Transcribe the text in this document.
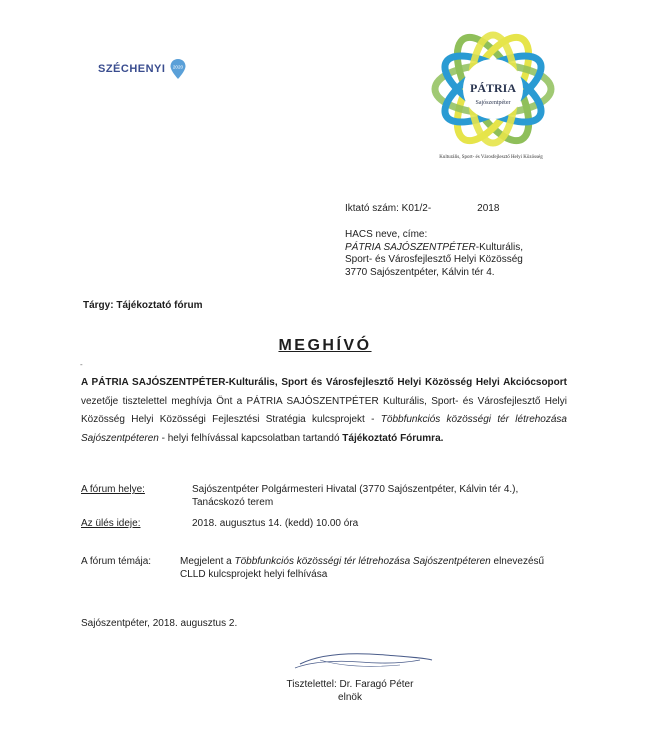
SZÉCHENYI 2020
PÁTRIA
Sajószentpéter
Kulturális, Sport- és Városfejlesztő Helyi Közösség
Iktató szám: K01/2-	2018
HACS neve, címe:
PÁTRIA SAJÓSZENTPÉTER-Kulturális,
Sport- és Városfejlesztő Helyi Közösség
3770 Sajószentpéter, Kálvin tér 4.
Tárgy: Tájékoztató fórum
MEGHÍVÓ
-
A PÁTRIA SAJÓSZENTPÉTER-Kulturális, Sport és Városfejlesztő Helyi Közösség Helyi Akciócsoport vezetője tisztelettel meghívja Önt a PÁTRIA SAJÓSZENTPÉTER Kulturális, Sport- és Városfejlesztő Helyi Közösség Helyi Közösségi Fejlesztési Stratégia kulcsprojekt - Többfunkciós közösségi tér létrehozása Sajószentpéteren - helyi felhívással kapcsolatban tartandó Tájékoztató Fórumra.
A fórum helye:	Sajószentpéter Polgármesteri Hivatal (3770 Sajószentpéter, Kálvin tér 4.),
Tanácskozó terem
Az ülés ideje:	2018. augusztus 14. (kedd) 10.00 óra
A fórum témája:	Megjelent a Többfunkciós közösségi tér létrehozása Sajószentpéteren elnevezésű
CLLD kulcsprojekt helyi felhívása
Sajószentpéter, 2018. augusztus 2.
Tisztelettel: Dr. Faragó Péter
elnök
